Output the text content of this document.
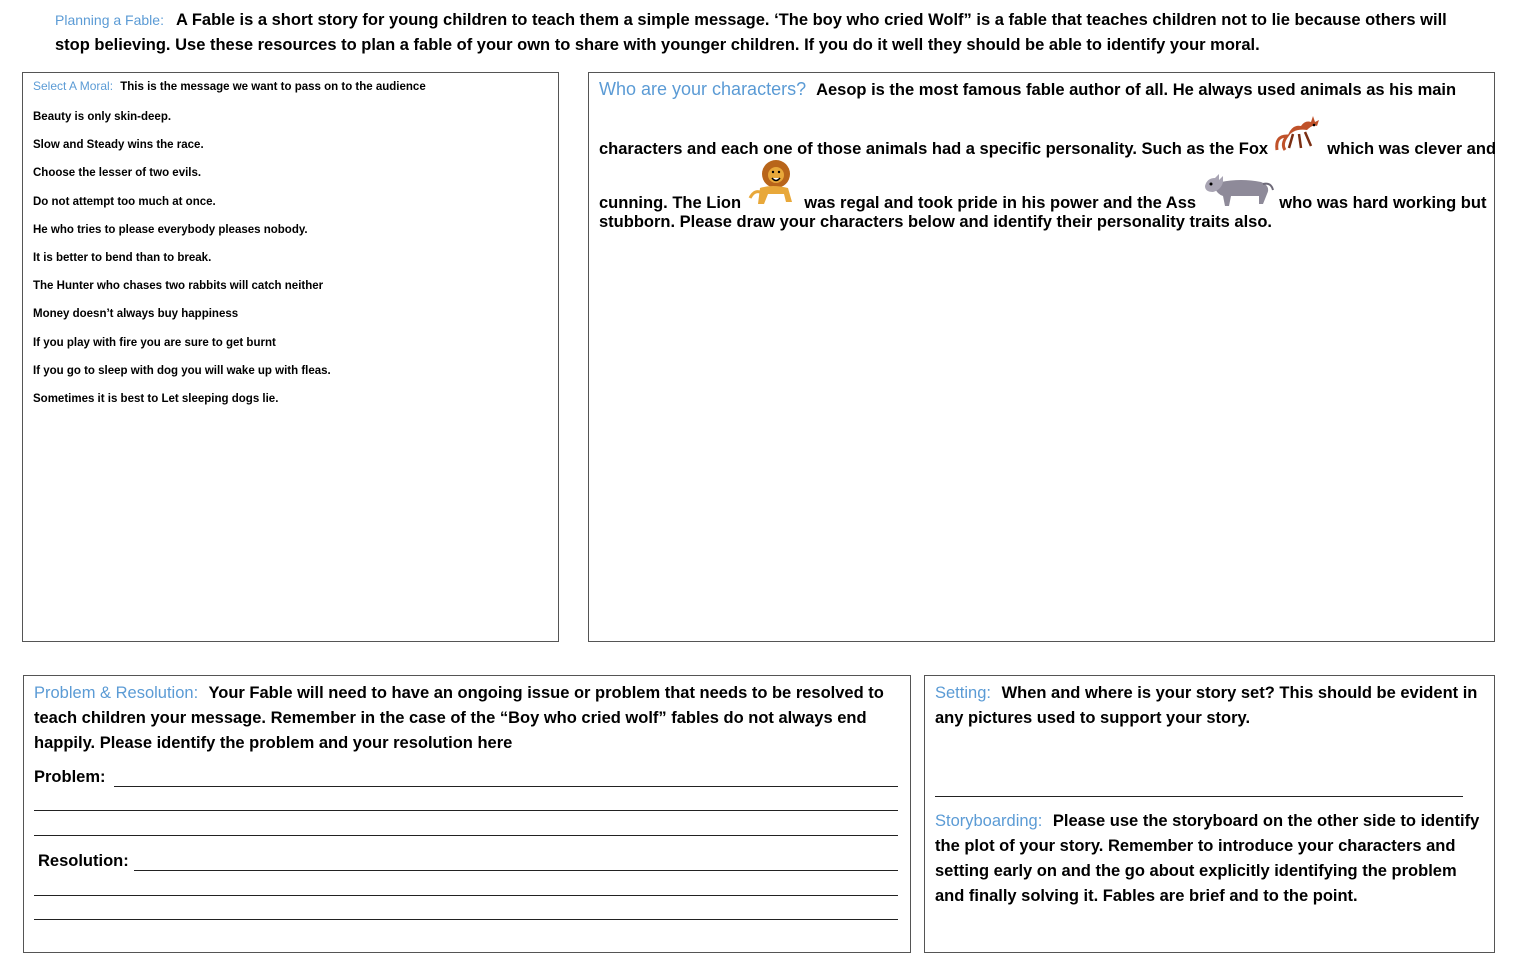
Planning a Fable: A Fable is a short story for young children to teach them a simple message. ‘The boy who cried Wolf” is a fable that teaches children not to lie because others will stop believing. Use these resources to plan a fable of your own to share with younger children. If you do it well they should be able to identify your moral.
Select A Moral: This is the message we want to pass on to the audience
Beauty is only skin-deep.
Slow and Steady wins the race.
Choose the lesser of two evils.
Do not attempt too much at once.
He who tries to please everybody pleases nobody.
It is better to bend than to break.
The Hunter who chases two rabbits will catch neither
Money doesn’t always buy happiness
If you play with fire you are sure to get burnt
If you go to sleep with dog you will wake up with fleas.
Sometimes it is best to Let sleeping dogs lie.
Who are your characters? Aesop is the most famous fable author of all. He always used animals as his main
characters and each one of those animals had a specific personality. Such as the Fox	which was clever and
cunning. The Lion	was regal and took pride in his power and the Ass	who was hard working but
stubborn. Please draw your characters below and identify their personality traits also.
Problem & Resolution: Your Fable will need to have an ongoing issue or problem that needs to be resolved to teach children your message. Remember in the case of the “Boy who cried wolf” fables do not always end happily. Please identify the problem and your resolution here
Problem:
Resolution:
Setting: When and where is your story set? This should be evident in any pictures used to support your story.
Storyboarding: Please use the storyboard on the other side to identify the plot of your story. Remember to introduce your characters and setting early on and the go about explicitly identifying the problem and finally solving it. Fables are brief and to the point.
